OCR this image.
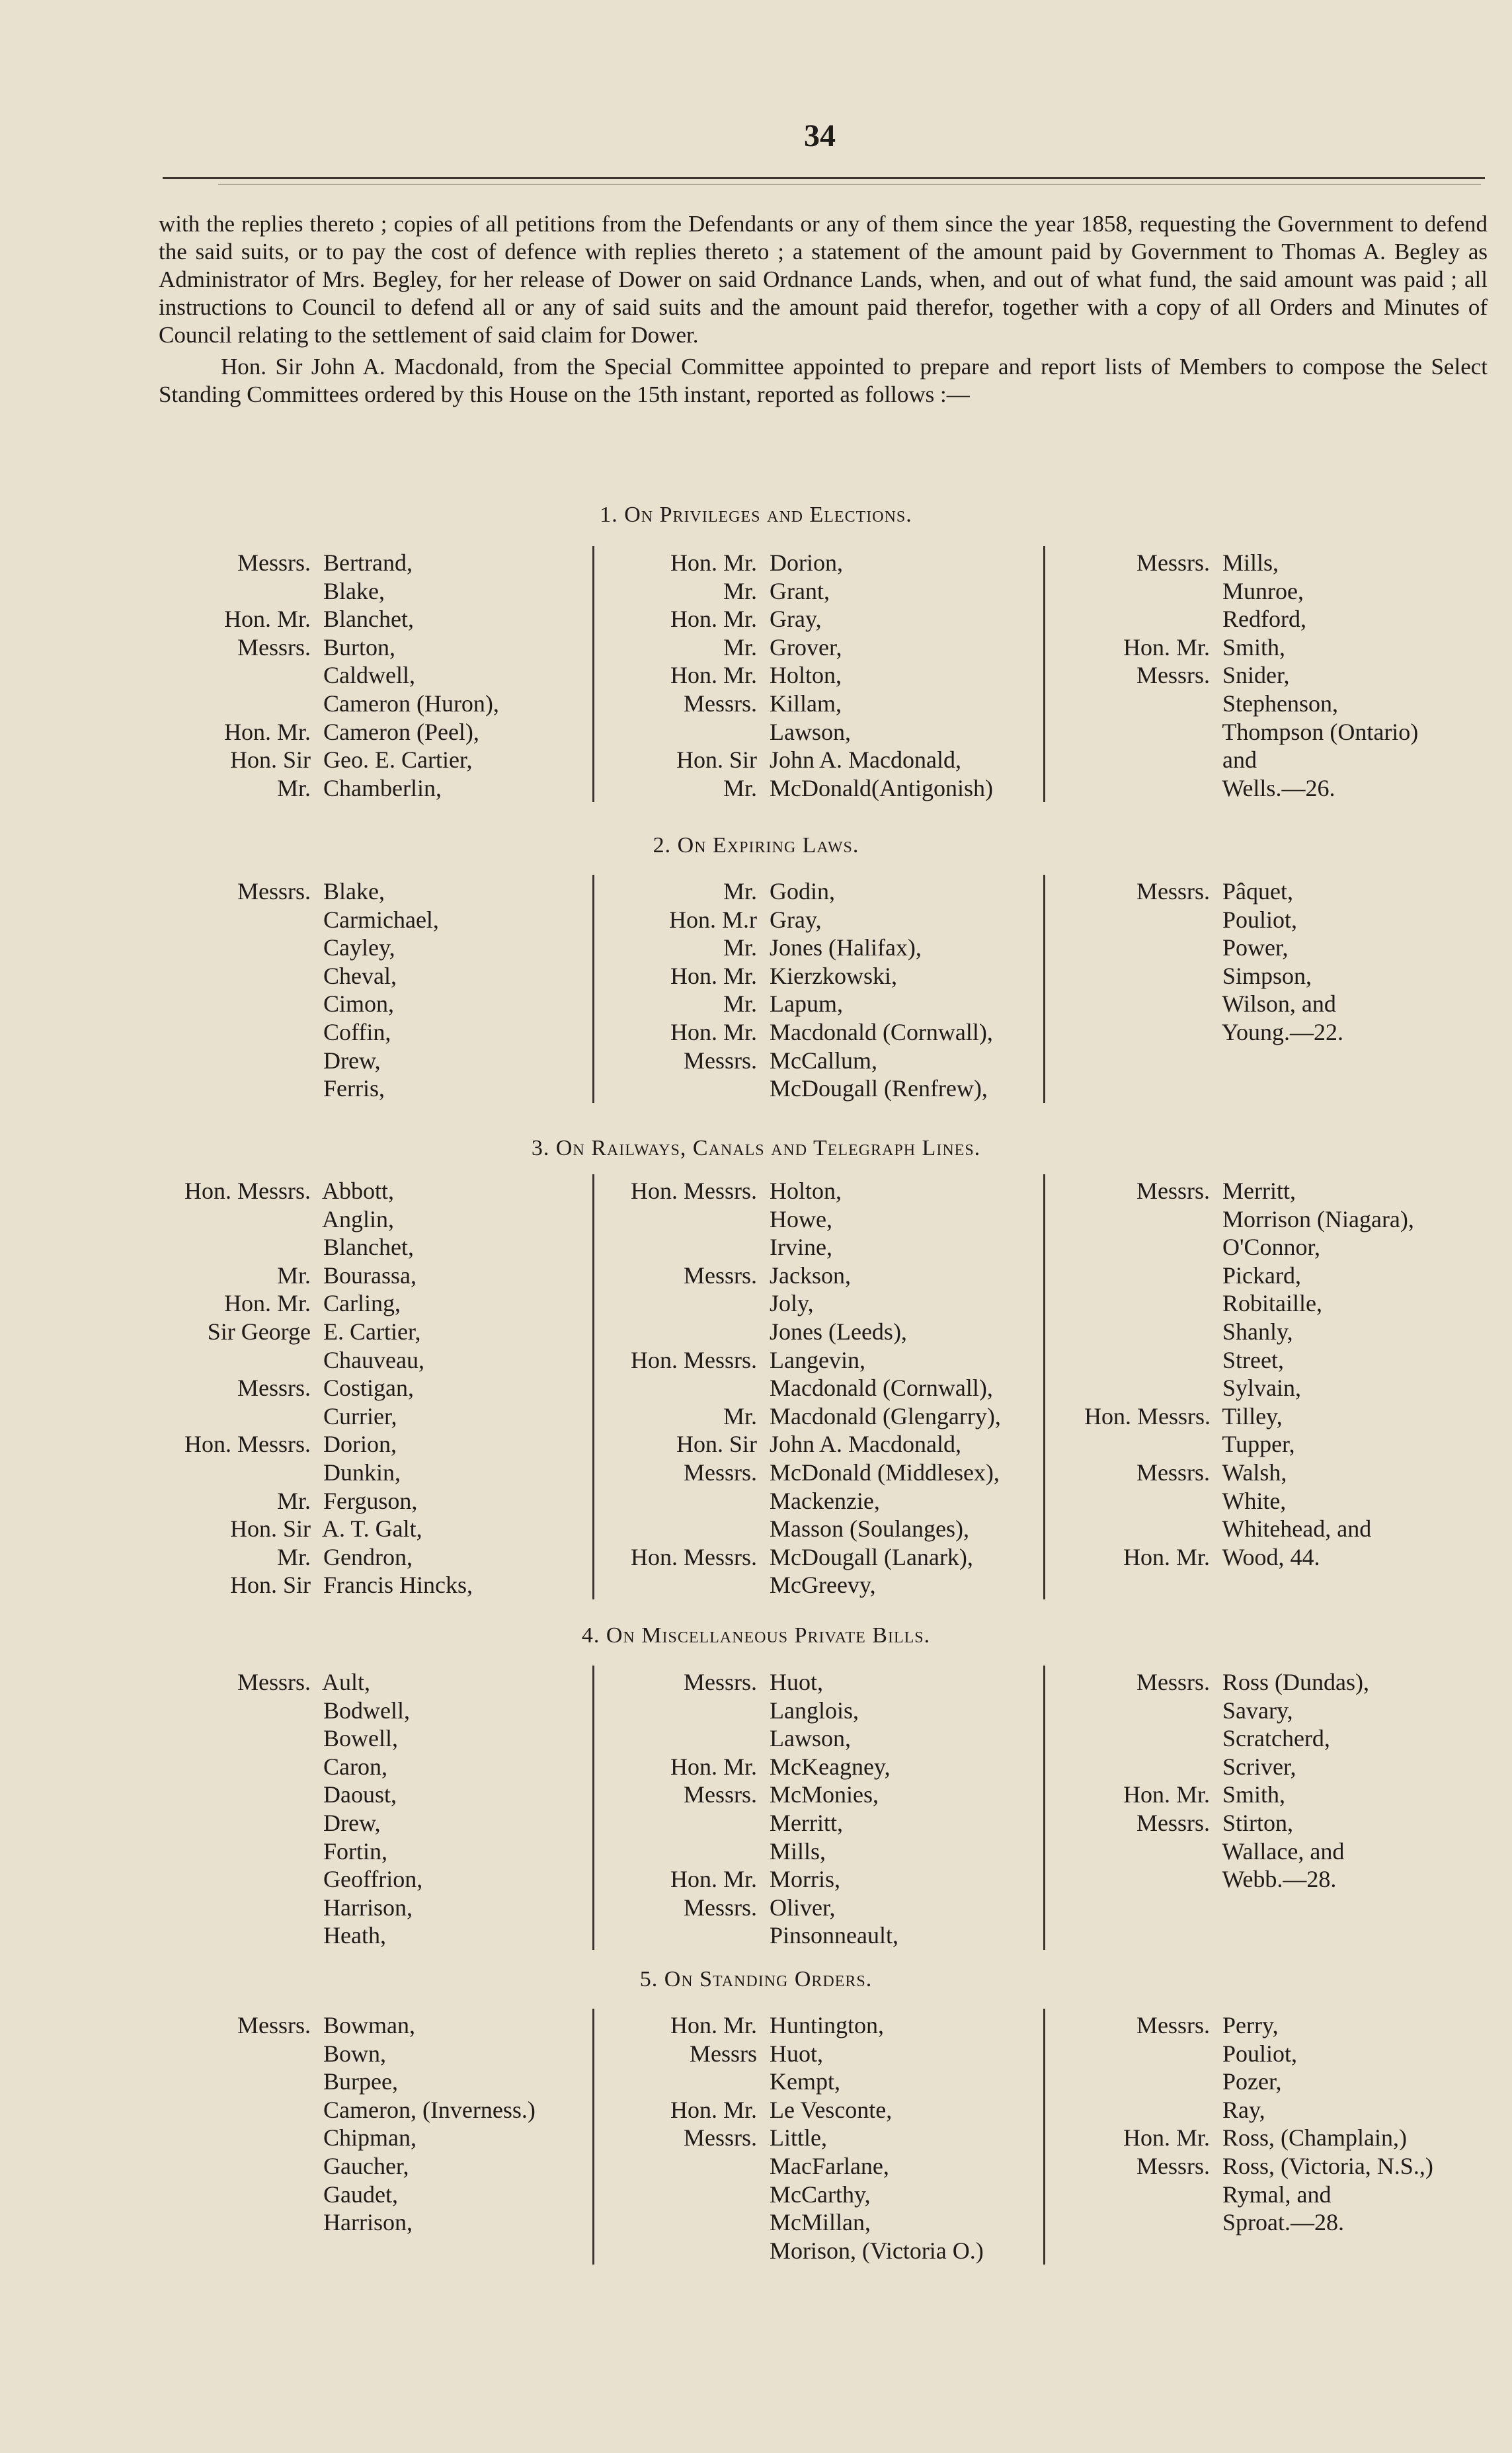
34

with the replies thereto ; copies of all petitions from the Defendants or any of them since the year 1858, requesting the Government to defend the said suits, or to pay the cost of defence with replies thereto ; a statement of the amount paid by Government to Thomas A. Begley as Administrator of Mrs. Begley, for her release of Dower on said Ordnance Lands, when, and out of what fund, the said amount was paid ; all instructions to Council to defend all or any of said suits and the amount paid therefor, together with a copy of all Orders and Minutes of Council relating to the settlement of said claim for Dower.

Hon. Sir John A. Macdonald, from the Special Committee appointed to prepare and report lists of Members to compose the Select Standing Committees ordered by this House on the 15th instant, reported as follows :—

1. On Privileges and Elections.
Messrs. Bertrand,
Blake,
Hon. Mr. Blanchet,
Messrs. Burton,
Caldwell,
Cameron (Huron),
Hon. Mr. Cameron (Peel),
Hon. Sir Geo. E. Cartier,
Mr. Chamberlin,
Hon. Mr. Dorion,
Mr. Grant,
Hon. Mr. Gray,
Mr. Grover,
Hon. Mr. Holton,
Messrs. Killam,
Lawson,
Hon. Sir John A. Macdonald,
Mr. McDonald(Antigonish)
Messrs. Mills,
Munroe,
Redford,
Hon. Mr. Smith,
Messrs. Snider,
Stephenson,
Thompson (Ontario)
and
Wells.—26.
2. On Expiring Laws.
Messrs. Blake,
Carmichael,
Cayley,
Cheval,
Cimon,
Coffin,
Drew,
Ferris,
Mr. Godin,
Hon. M.r Gray,
Mr. Jones (Halifax),
Hon. Mr. Kierzkowski,
Mr. Lapum,
Hon. Mr. Macdonald (Cornwall),
Messrs. McCallum,
McDougall (Renfrew),
Messrs. Pâquet,
Pouliot,
Power,
Simpson,
Wilson, and
Young.—22.
3. On Railways, Canals and Telegraph Lines.
Hon. Messrs. Abbott,
Anglin,
Blanchet,
Mr. Bourassa,
Hon. Mr. Carling,
Sir George E. Cartier,
Chauveau,
Messrs. Costigan,
Currier,
Hon. Messrs. Dorion,
Dunkin,
Mr. Ferguson,
Hon. Sir A. T. Galt,
Mr. Gendron,
Hon. Sir Francis Hincks,
Hon. Messrs. Holton,
Howe,
Irvine,
Messrs. Jackson,
Joly,
Jones (Leeds),
Hon. Messrs. Langevin,
Macdonald (Cornwall),
Mr. Macdonald (Glengarry),
Hon. Sir John A. Macdonald,
Messrs. McDonald (Middlesex),
Mackenzie,
Masson (Soulanges),
Hon. Messrs. McDougall (Lanark),
McGreevy,
Messrs. Merritt,
Morrison (Niagara),
O'Connor,
Pickard,
Robitaille,
Shanly,
Street,
Sylvain,
Hon. Messrs. Tilley,
Tupper,
Messrs. Walsh,
White,
Whitehead, and
Hon. Mr. Wood, 44.
4. On Miscellaneous Private Bills.
Messrs. Ault,
Bodwell,
Bowell,
Caron,
Daoust,
Drew,
Fortin,
Geoffrion,
Harrison,
Heath,
Messrs. Huot,
Langlois,
Lawson,
Hon. Mr. McKeagney,
Messrs. McMonies,
Merritt,
Mills,
Hon. Mr. Morris,
Messrs. Oliver,
Pinsonneault,
Messrs. Ross (Dundas),
Savary,
Scratcherd,
Scriver,
Hon. Mr. Smith,
Messrs. Stirton,
Wallace, and
Webb.—28.
5. On Standing Orders.
Messrs. Bowman,
Bown,
Burpee,
Cameron, (Inverness.)
Chipman,
Gaucher,
Gaudet,
Harrison,
Hon. Mr. Huntington,
Messrs Huot,
Kempt,
Hon. Mr. Le Vesconte,
Messrs. Little,
MacFarlane,
McCarthy,
McMillan,
Morison, (Victoria O.)
Messrs. Perry,
Pouliot,
Pozer,
Ray,
Hon. Mr. Ross, (Champlain,)
Messrs. Ross, (Victoria, N.S.,)
Rymal, and
Sproat.—28.
